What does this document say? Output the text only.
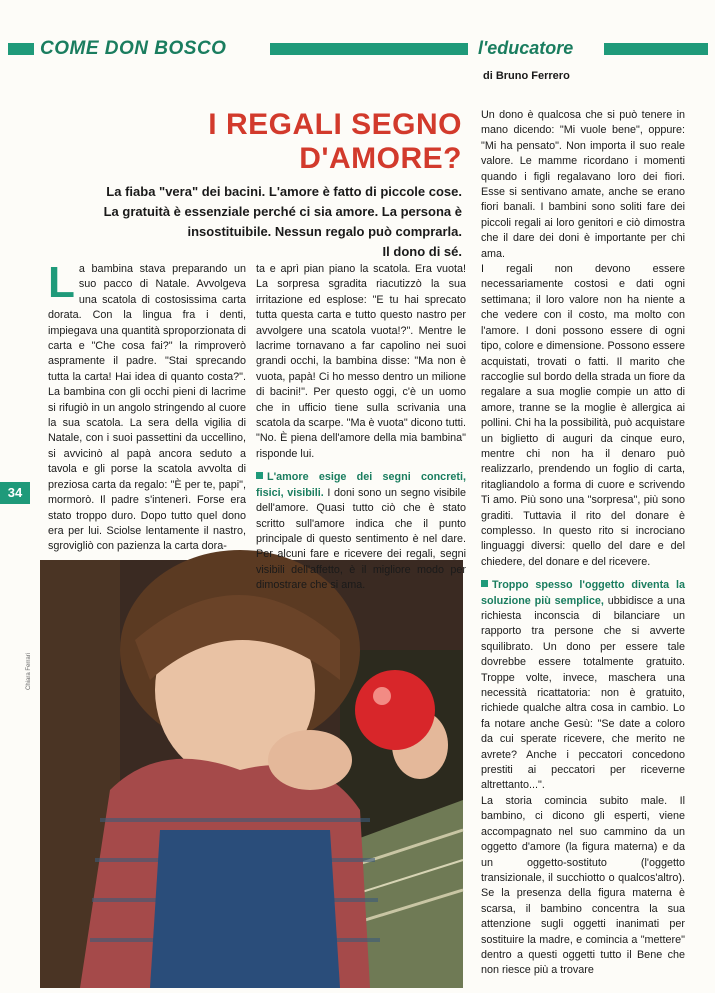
COME DON BOSCO	l'educatore
di Bruno Ferrero
I REGALI SEGNO
D'AMORE?
La fiaba "vera" dei bacini. L'amore è fatto di piccole cose.
La gratuità è essenziale perché ci sia amore. La persona è
insostituibile. Nessun regalo può comprarla.
Il dono di sé.
L a bambina stava preparando un suo pacco di Natale. Avvolgeva una scatola di costosissima carta dorata. Con la lingua fra i denti, impiegava una quantità sproporzionata di carta e "Che cosa fai?" la rimproverò aspramente il padre. "Stai sprecando tutta la carta! Hai idea di quanto costa?". La bambina con gli occhi pieni di lacrime si rifugiò in un angolo stringendo al cuore la sua scatola. La sera della vigilia di Natale, con i suoi passettini da uccellino, si avvicinò al papà ancora seduto a tavola e gli porse la scatola avvolta di preziosa carta da regalo: "È per te, papi", mormorò. Il padre s'intenerì. Forse era stato troppo duro. Dopo tutto quel dono era per lui. Sciolse lentamente il nastro, sgrovigliò con pazienza la carta dora-

ta e aprì pian piano la scatola. Era vuota! La sorpresa sgradita riacutizzò la sua irritazione ed esplose: "E tu hai sprecato tutta questa carta e tutto questo nastro per avvolgere una scatola vuota!?". Mentre le lacrime tornavano a far capolino nei suoi grandi occhi, la bambina disse: "Ma non è vuota, papà! Ci ho messo dentro un milione di bacini!". Per questo oggi, c'è un uomo che in ufficio tiene sulla scrivania una scatola da scarpe. "Ma è vuota" dicono tutti. "No. È piena dell'amore della mia bambina" risponde lui.

L'amore esige dei segni concreti, fisici, visibili. I doni sono un segno visibile dell'amore. Quasi tutto ciò che è stato scritto sull'amore indica che il punto principale di questo sentimento è nel dare. Per alcuni fare e ricevere dei regali, segni visibili dell'affetto, è il migliore modo per dimostrare che si ama.

Un dono è qualcosa che si può tenere in mano dicendo: "Mi vuole bene", oppure: "Mi ha pensato". Non importa il suo reale valore. Le mamme ricordano i momenti quando i figli regalavano loro dei fiori. Esse si sentivano amate, anche se erano fiori banali. I bambini sono soliti fare dei piccoli regali ai loro genitori e ciò dimostra che il dare dei doni è importante per chi ama.

I regali non devono essere necessariamente costosi e dati ogni settimana; il loro valore non ha niente a che vedere con il costo, ma molto con l'amore. I doni possono essere di ogni tipo, colore e dimensione. Possono essere acquistati, trovati o fatti. Il marito che raccoglie sul bordo della strada un fiore da regalare a sua moglie compie un atto di amore, tranne se la moglie è allergica ai pollini. Chi ha la possibilità, può acquistare un biglietto di auguri da cinque euro, mentre chi non ha il denaro può realizzarlo, prendendo un foglio di carta, ritagliandolo a forma di cuore e scrivendo Ti amo. Più sono una "sorpresa", più sono graditi. Tuttavia il rito del donare è complesso. In questo rito si incrociano linguaggi diversi: quello del dare e del chiedere, del donare e del ricevere.

Troppo spesso l'oggetto diventa la soluzione più semplice, ubbidisce a una richiesta inconscia di bilanciare un rapporto tra persone che si avverte squilibrato. Un dono per essere tale dovrebbe essere totalmente gratuito. Troppe volte, invece, maschera una necessità ricattatoria: non è gratuito, richiede qualche altra cosa in cambio. Lo fa notare anche Gesù: "Se date a coloro da cui sperate ricevere, che merito ne avrete? Anche i peccatori concedono prestiti ai peccatori per riceverne altrettanto...".

La storia comincia subito male. Il bambino, ci dicono gli esperti, viene accompagnato nel suo cammino da un oggetto d'amore (la figura materna) e da un oggetto-sostituto (l'oggetto transizionale, il succhiotto o qualcos'altro). Se la presenza della figura materna è scarsa, il bambino concentra la sua attenzione sugli oggetti inanimati per sostituire la madre, e comincia a "mettere" dentro a questi oggetti tutto il Bene che non riesce più a trovare

34
Chiara Ferrari
